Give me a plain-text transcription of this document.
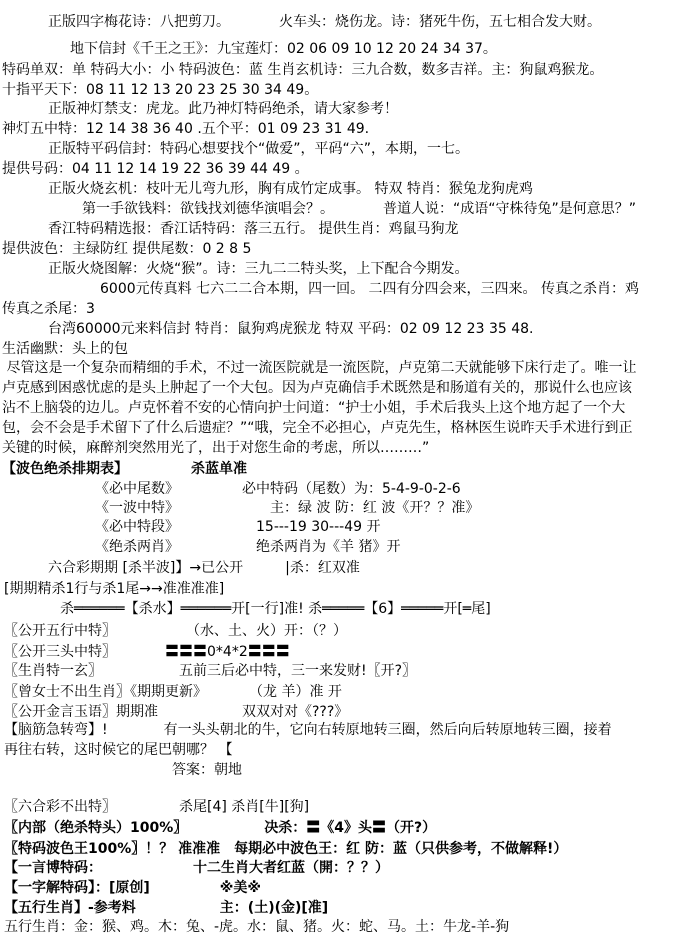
正版四字梅花诗：八把剪刀。　　　　火车头：烧伤龙。诗：猪死牛伤，五七相合发大财。
地下信封《千王之王》：九宝莲灯：02 06 09 10 12 20 24 34 37。
特码单双：单 特码大小：小 特码波色：蓝 生肖玄机诗：三九合数，数多吉祥。主：狗鼠鸡猴龙。
十指平天下：08 11 12 13 20 23 25 30 34 49。
正版神灯禁支：虎龙。此乃神灯特码绝杀，请大家参考！
神灯五中特：12 14 38 36 40 .五个平：01 09 23 31 49.
正版特平码信封：特码心想要找个“做爱”，平码“六”，本期，一七。
提供号码：04 11 12 14 19 22 36 39 44 49 。
正版火烧玄机：枝叶无儿弯九形，胸有成竹定成事。 特双 特肖：猴兔龙狗虎鸡
第一手欲钱料：欲钱找刘德华演唱会？。　　　　普道人说：“成语“守株待兔”是何意思？”
香江特码精选报：香江话特码：落三五行。 提供生肖：鸡鼠马狗龙
提供波色：主绿防红 提供尾数：0 2 8 5
正版火烧图解：火烧“猴”。诗：三九二二特头奖，上下配合今期发。
6000元传真料 七六二二合本期，四一回。 二四有分四会来，三四来。 传真之杀肖：鸡
传真之杀尾：3
台湾60000元来料信封 特肖：鼠狗鸡虎猴龙 特双 平码：02 09 12 23 35 48.
生活幽默：头上的包
尽管这是一个复杂而精细的手术，不过一流医院就是一流医院，卢克第二天就能够下床行走了。唯一让
卢克感到困惑忧虑的是头上肿起了一个大包。因为卢克确信手术既然是和肠道有关的，那说什么也应该
沾不上脑袋的边儿。卢克怀着不安的心情向护士问道：“护士小姐，手术后我头上这个地方起了一个大
包，会不会是手术留下了什么后遗症？”“哦，完全不必担心，卢克先生，格林医生说昨天手术进行到正
关键的时候，麻醉剂突然用光了，出于对您生命的考虑，所以………”
【波色绝杀排期表】　　　　　杀蓝单准
《必中尾数》　　　　　必中特码（尾数）为：5-4-9-0-2-6
《一波中特》　　　　　　　主：绿 波 防：红 波《开？？准》
《必中特段》　　　　　　15---19 30---49 开
《绝杀两肖》　　　　　　绝杀两肖为《羊 猪》开
六合彩期期 [杀半波]】→已公开　　　|杀：红双准
[期期精杀1行与杀1尾→→准准准准]
杀══════【杀水】══════开[一行]准! 杀═════【6】═════开[═尾]
〖公开五行中特〗　　　　　　（水、土、火）开：（？）
〖公开三头中特〗　　　　〓〓〓0*4*2〓〓〓
〖生肖特一玄〗　　　　　　五前三后必中特，三一来发财!〖开?〗
〖曾女士不出生肖〗《期期更新》　　　　（龙 羊）准 开
〖公开金言玉语〗期期准　　　　　　双双对对《???》
【脑筋急转弯】!　　　　有一头头朝北的牛，它向右转原地转三圈，然后向后转原地转三圈，接着
再往右转，这时候它的尾巴朝哪？ 【
答案：朝地
〖六合彩不出特〗　　　　　杀尾[4] 杀肖[牛][狗]
〖内部（绝杀特头）100%〗　　　　　　决杀：〓《4》头〓（开?）
〖特码波色王100%〗！？ 准准准　每期必中波色王：红 防：蓝（只供参考，不做解释!）
【一言博特码：　　　　　　　十二生肖大者红蓝（開：？？）
【一字解特码】：[原创]　　　　　※美※
【五行生肖】-参考料　　　　　　主：(土)(金)[准]
五行生肖：金：猴、鸡。木：兔、-虎。水：鼠、猪。火：蛇、马。土：牛龙-羊-狗
